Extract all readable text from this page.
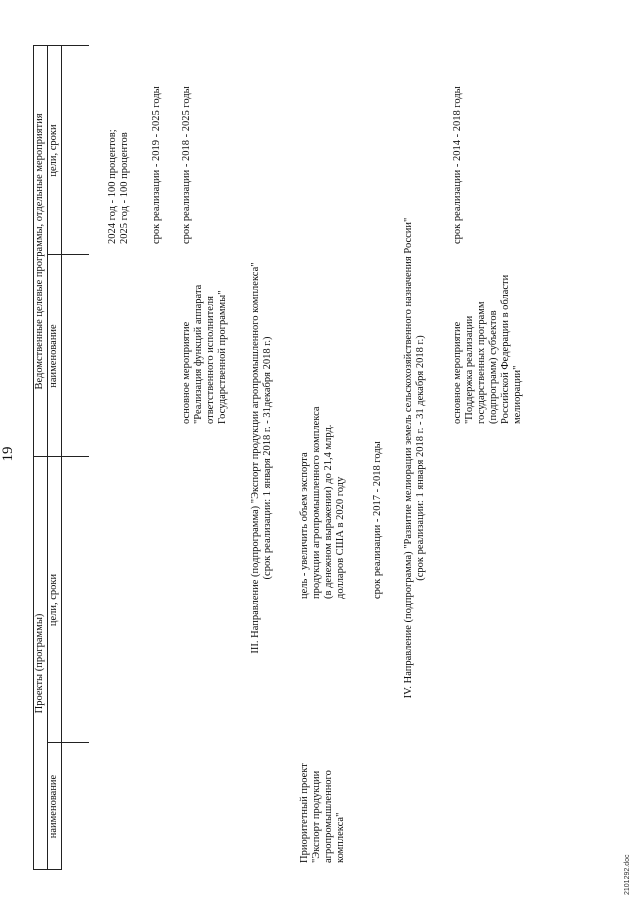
19
Проекты (программы)
Ведомственные целевые программы, отдельные мероприятия
наименование
цели, сроки
наименование
цели, сроки	2024 год - 100 процентов; 2025 год - 100 процентов срок реализации - 2019 - 2025 годы
основное мероприятие "Реализация функций аппарата ответственного исполнителя Государственной программы"
срок реализации - 2018 - 2025 годы
III. Направление (подпрограмма) "Экспорт продукции агропромышленного комплекса" (срок реализации: 1 января 2018 г. - 31декабря 2018 г.)
Приоритетный проект "Экспорт продукции агропромышленного комплекса"
цель - увеличить объем экспорта продукции агропромышленного комплекса (в денежном выражении) до 21,4 млрд. долларов США в 2020 году срок реализации - 2017 - 2018 годы IV. Направление (подпрограмма) "Развитие мелиорации земель сельскохозяйственного назначения России" (срок реализации: 1 января 2018 г. - 31 декабря 2018 г.) основное мероприятие "Поддержка реализации государственных программ (подпрограмм) субъектов Российской Федерации в области мелиорации"
срок реализации - 2014 - 2018 годы
2101292.doc
